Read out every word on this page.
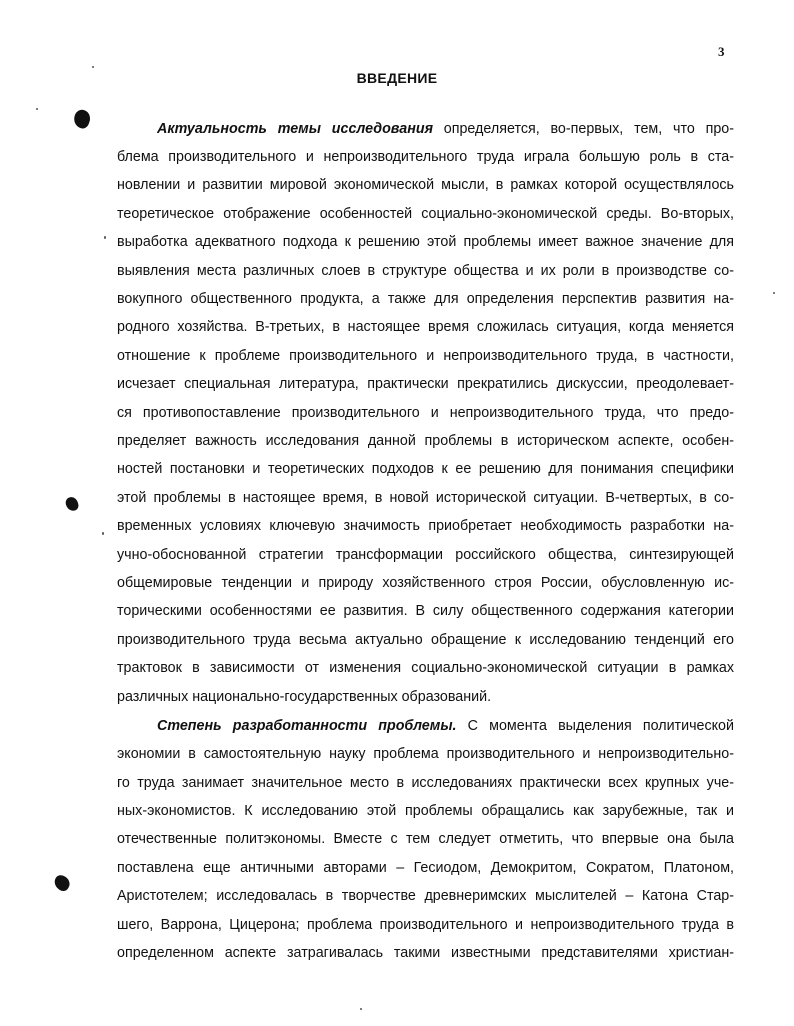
3
ВВЕДЕНИЕ
Актуальность темы исследования определяется, во-первых, тем, что про-
блема производительного и непроизводительного труда играла большую роль в ста-
новлении и развитии мировой экономической мысли, в рамках которой осуществлялось
теоретическое отображение особенностей социально-экономической среды. Во-вторых,
выработка адекватного подхода к решению этой проблемы имеет важное значение для
выявления места различных слоев в структуре общества и их роли в производстве со-
вокупного общественного продукта, а также для определения перспектив развития на-
родного хозяйства. В-третьих, в настоящее время сложилась ситуация, когда меняется
отношение к проблеме производительного и непроизводительного труда, в частности,
исчезает специальная литература, практически прекратились дискуссии, преодолевает-
ся противопоставление производительного и непроизводительного труда, что предо-
пределяет важность исследования данной проблемы в историческом аспекте, особен-
ностей постановки и теоретических подходов к ее решению для понимания специфики
этой проблемы в настоящее время, в новой исторической ситуации. В-четвертых, в со-
временных условиях ключевую значимость приобретает необходимость разработки на-
учно-обоснованной стратегии трансформации российского общества, синтезирующей
общемировые тенденции и природу хозяйственного строя России, обусловленную ис-
торическими особенностями ее развития. В силу общественного содержания категории
производительного труда весьма актуально обращение к исследованию тенденций его
трактовок в зависимости от изменения социально-экономической ситуации в рамках
различных национально-государственных образований.
Степень разработанности проблемы. С момента выделения политической
экономии в самостоятельную науку проблема производительного и непроизводительно-
го труда занимает значительное место в исследованиях практически всех крупных уче-
ных-экономистов. К исследованию этой проблемы обращались как зарубежные, так и
отечественные политэкономы. Вместе с тем следует отметить, что впервые она была
поставлена еще античными авторами – Гесиодом, Демокритом, Сократом, Платоном,
Аристотелем; исследовалась в творчестве древнеримских мыслителей – Катона Стар-
шего, Варрона, Цицерона; проблема производительного и непроизводительного труда в
определенном аспекте затрагивалась такими известными представителями христиан-
